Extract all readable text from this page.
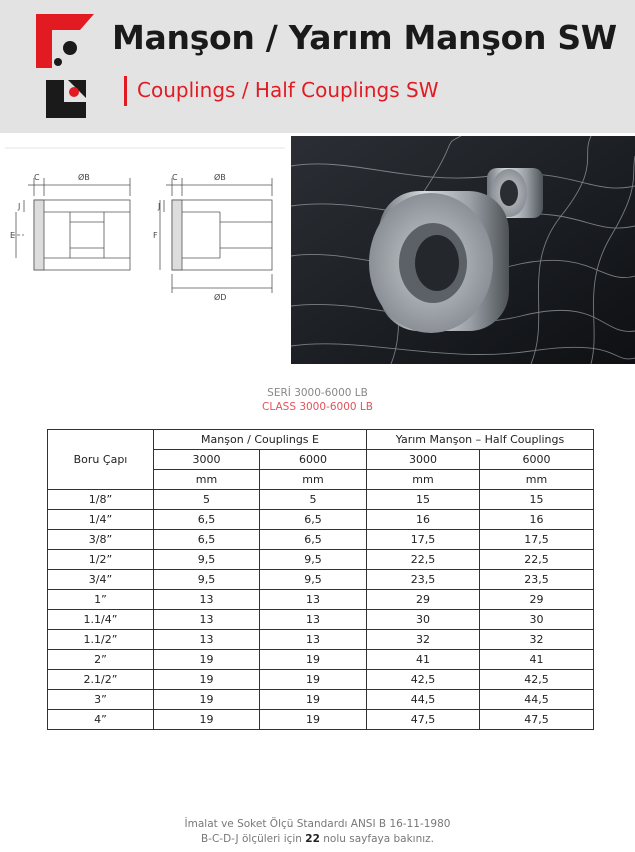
Manşon / Yarım Manşon SW
Couplings / Half Couplings SW
C	ØB
E
J
C	ØB
F
J
ØD
SERİ 3000-6000 LB
CLASS 3000-6000 LB
Boru Çapı	Manşon / Couplings E		Yarım Manşon – Half Couplings	
	3000	6000	3000	6000
	mm	mm	mm	mm
1/8”	5	5	15	15
1/4”	6,5	6,5	16	16
3/8”	6,5	6,5	17,5	17,5
1/2”	9,5	9,5	22,5	22,5
3/4”	9,5	9,5	23,5	23,5
1”	13	13	29	29
1.1/4”	13	13	30	30
1.1/2”	13	13	32	32
2”	19	19	41	41
2.1/2”	19	19	42,5	42,5
3”	19	19	44,5	44,5
4”	19	19	47,5	47,5
İmalat ve Soket Ölçü Standardı ANSI B 16-11-1980
B-C-D-J ölçüleri için 22 nolu sayfaya bakınız.
